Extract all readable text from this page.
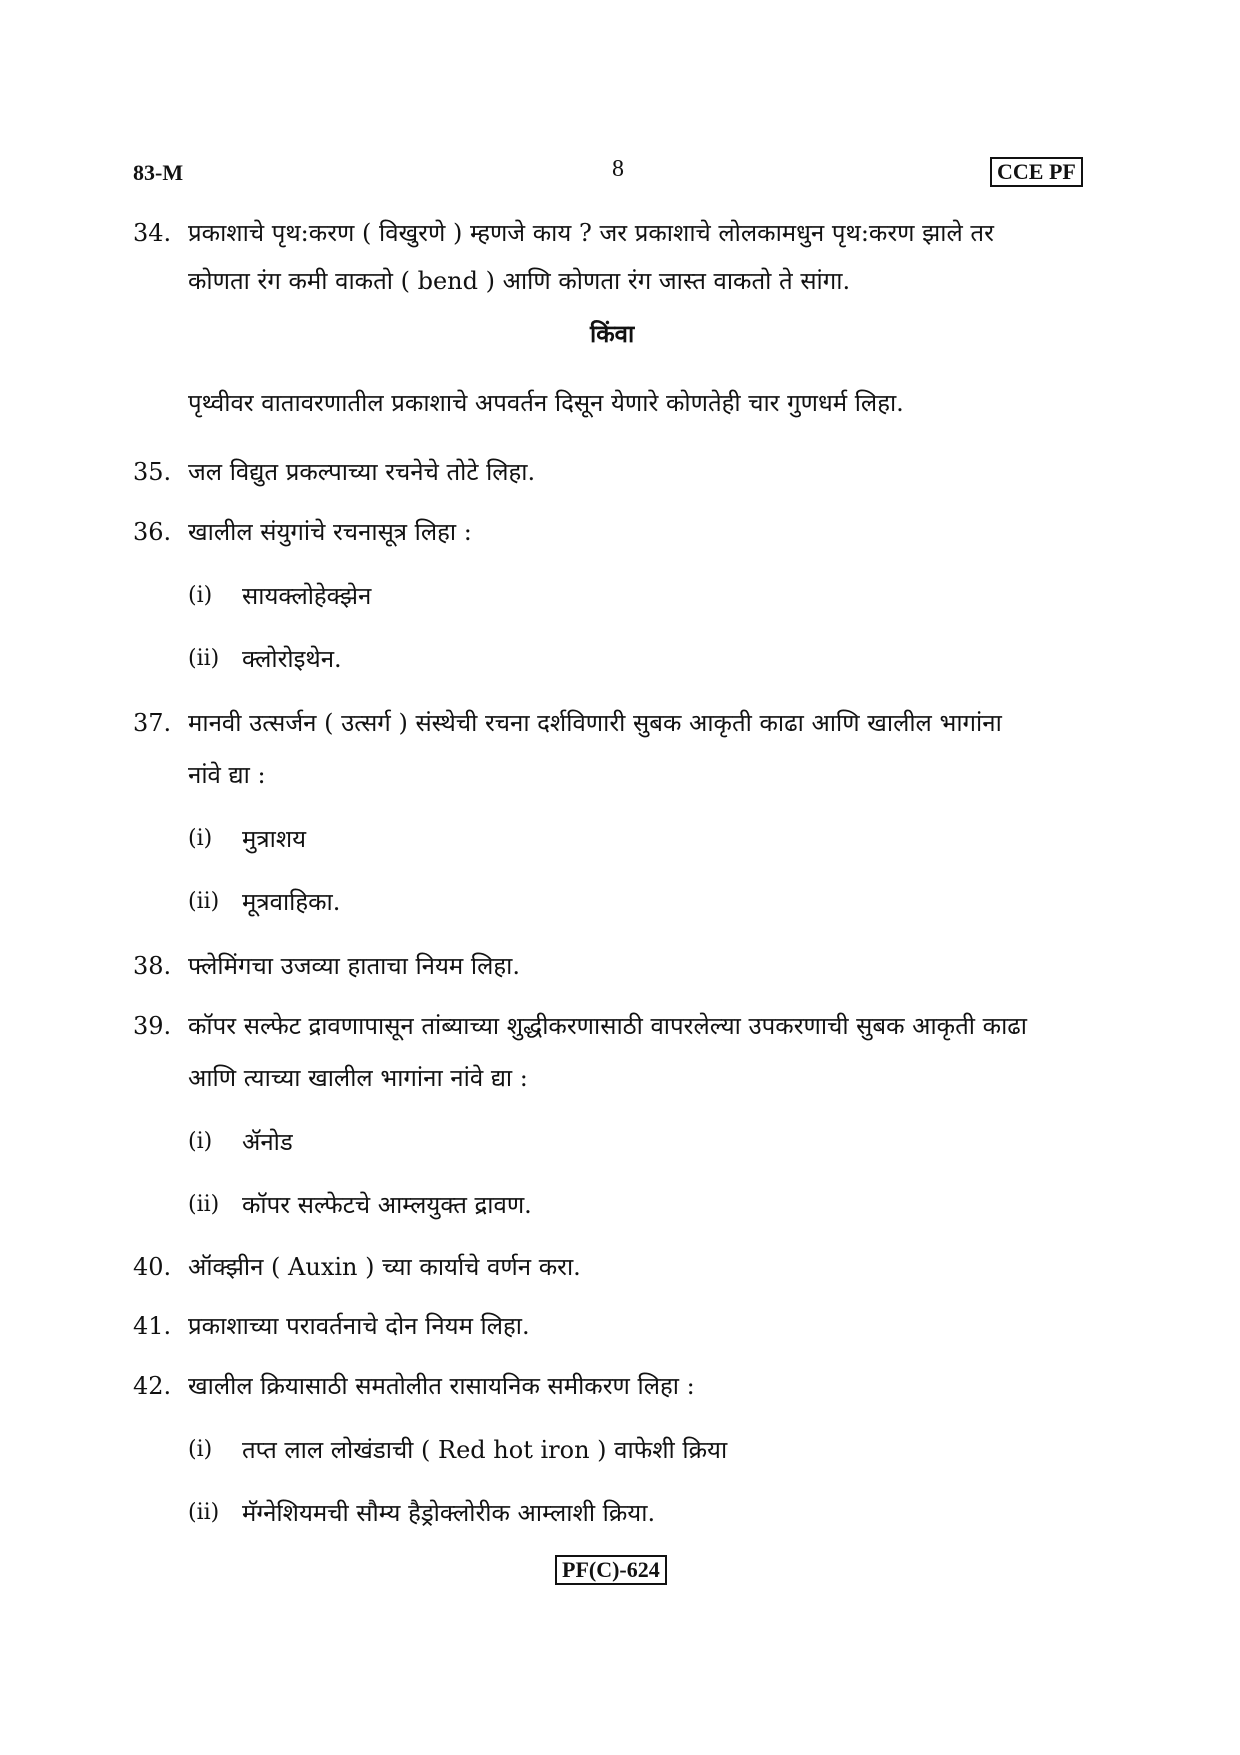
83-M	8	CCE PF
34. प्रकाशाचे पृथ:करण ( विखुरणे ) म्हणजे काय ? जर प्रकाशाचे लोलकामधुन पृथ:करण झाले तर
कोणता रंग कमी वाकतो ( bend ) आणि कोणता रंग जास्त वाकतो ते सांगा.
किंवा
पृथ्वीवर वातावरणातील प्रकाशाचे अपवर्तन दिसून येणारे कोणतेही चार गुणधर्म लिहा.
35. जल विद्युत प्रकल्पाच्या रचनेचे तोटे लिहा.
36. खालील संयुगांचे रचनासूत्र लिहा :
(i) सायक्लोहेक्झेन
(ii) क्लोरोइथेन.
37. मानवी उत्सर्जन ( उत्सर्ग ) संस्थेची रचना दर्शविणारी सुबक आकृती काढा आणि खालील भागांना
नांवे द्या :
(i) मुत्राशय
(ii) मूत्रवाहिका.
38. फ्लेमिंगचा उजव्या हाताचा नियम लिहा.
39. कॉपर सल्फेट द्रावणापासून तांब्याच्या शुद्धीकरणासाठी वापरलेल्या उपकरणाची सुबक आकृती काढा
आणि त्याच्या खालील भागांना नांवे द्या :
(i) ॲनोड
(ii) कॉपर सल्फेटचे आम्लयुक्त द्रावण.
40. ऑक्झीन ( Auxin ) च्या कार्याचे वर्णन करा.
41. प्रकाशाच्या परावर्तनाचे दोन नियम लिहा.
42. खालील क्रियासाठी समतोलीत रासायनिक समीकरण लिहा :
(i) तप्त लाल लोखंडाची ( Red hot iron ) वाफेशी क्रिया
(ii) मॅग्नेशियमची सौम्य हैड्रोक्लोरीक आम्लाशी क्रिया.
PF(C)-624
